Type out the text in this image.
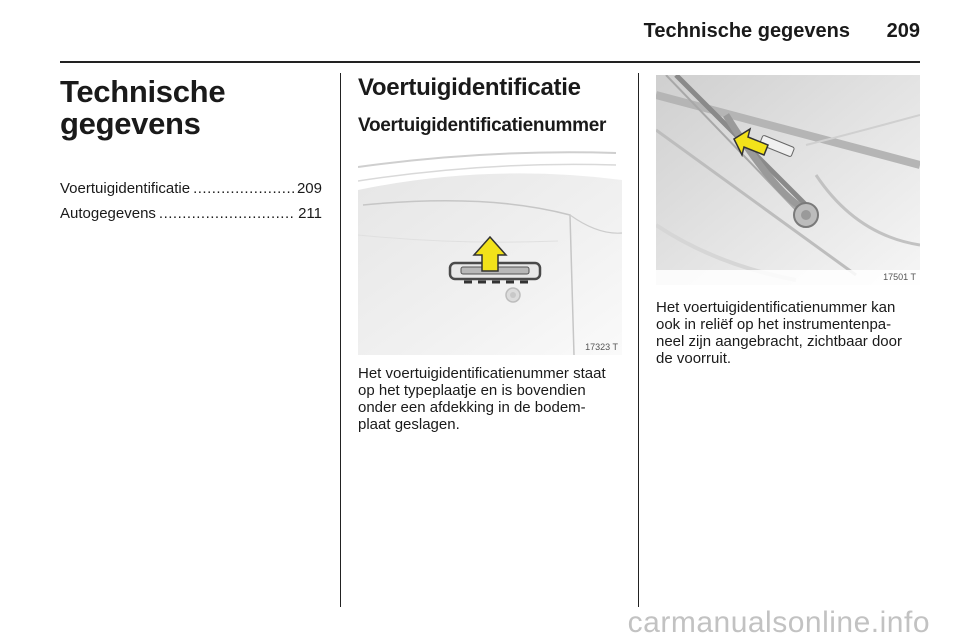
Technische gegevens	209
Technische
gegevens
Voertuigidentificatie .....	209
Autogegevens .....	211
Voertuigidentificatie
Voertuigidentificatienummer
17323 T
Het voertuigidentificatienummer staat
op het typeplaatje en is bovendien
onder een afdekking in de bodem-
plaat geslagen.
17501 T
Het voertuigidentificatienummer kan
ook in reliëf op het instrumentenpa-
neel zijn aangebracht, zichtbaar door
de voorruit.
carmanualsonline.info
